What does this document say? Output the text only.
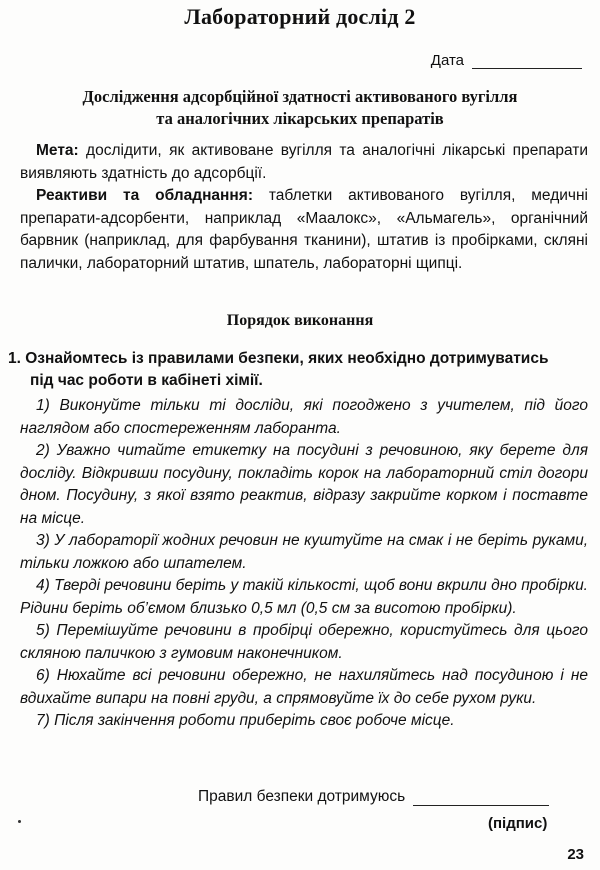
Лабораторний дослід 2
Дата
Дослідження адсорбційної здатності активованого вугілля
та аналогічних лікарських препаратів
Мета: дослідити, як активоване вугілля та аналогічні лікарські препарати виявляють здатність до адсорбції.
Реактиви та обладнання: таблетки активованого вугілля, медичні препарати-адсорбенти, наприклад «Маалокс», «Альмагель», органічний барвник (наприклад, для фарбування тканини), штатив із пробірками, скляні палички, лабораторний штатив, шпатель, лабораторні щипці.
Порядок виконання
1. Ознайомтесь із правилами безпеки, яких необхідно дотримуватись
під час роботи в кабінеті хімії.

1) Виконуйте тільки ті досліди, які погоджено з учителем, під його наглядом або спостереженням лаборанта.

2) Уважно читайте етикетку на посудині з речовиною, яку берете для досліду. Відкривши посудину, покладіть корок на лабораторний стіл догори дном. Посудину, з якої взято реактив, відразу закрийте корком і поставте на місце.

3) У лабораторії жодних речовин не куштуйте на смак і не беріть руками, тільки ложкою або шпателем.

4) Тверді речовини беріть у такій кількості, щоб вони вкрили дно пробірки. Рідини беріть об’ємом близько 0,5 мл (0,5 см за висотою пробірки).

5) Перемішуйте речовини в пробірці обережно, користуйтесь для цього скляною паличкою з гумовим наконечником.

6) Нюхайте всі речовини обережно, не нахиляйтесь над посудиною і не вдихайте випари на повні груди, а спрямовуйте їх до себе рухом руки.

7) Після закінчення роботи приберіть своє робоче місце.

Правил безпеки дотримуюсь
(підпис)
23
